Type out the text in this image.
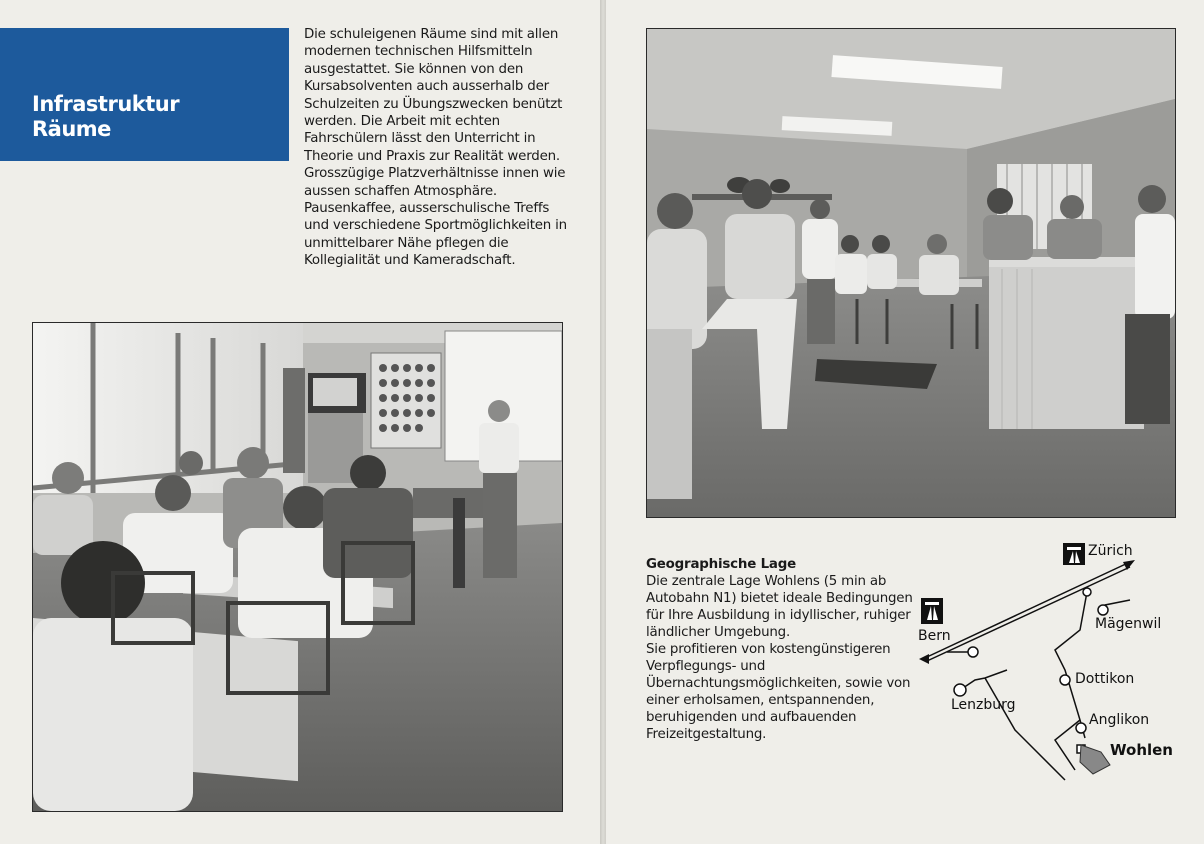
Infrastruktur
Räume

Die schuleigenen Räume sind mit allen modernen technischen Hilfsmitteln ausgestattet. Sie können von den Kursabsolventen auch ausserhalb der Schulzeiten zu Übungszwecken benützt werden. Die Arbeit mit echten Fahrschülern lässt den Unterricht in Theorie und Praxis zur Realität werden.

Grosszügige Platzverhältnisse innen wie aussen schaffen Atmosphäre. Pausenkaffee, ausserschulische Treffs und verschiedene Sportmöglichkeiten in unmittelbarer Nähe pflegen die Kollegialität und Kameradschaft.

Geographische Lage

Die zentrale Lage Wohlens (5 min ab Autobahn N1) bietet ideale Bedingungen für Ihre Ausbildung in idyllischer, ruhiger ländlicher Umgebung.

Sie profitieren von kostengünstigeren Verpflegungs- und Übernachtungsmöglichkeiten, sowie von einer erholsamen, entspannenden, beruhigenden und aufbauenden Freizeitgestaltung.

Zürich
Bern
Mägenwil
Dottikon
Lenzburg
Anglikon
Wohlen
